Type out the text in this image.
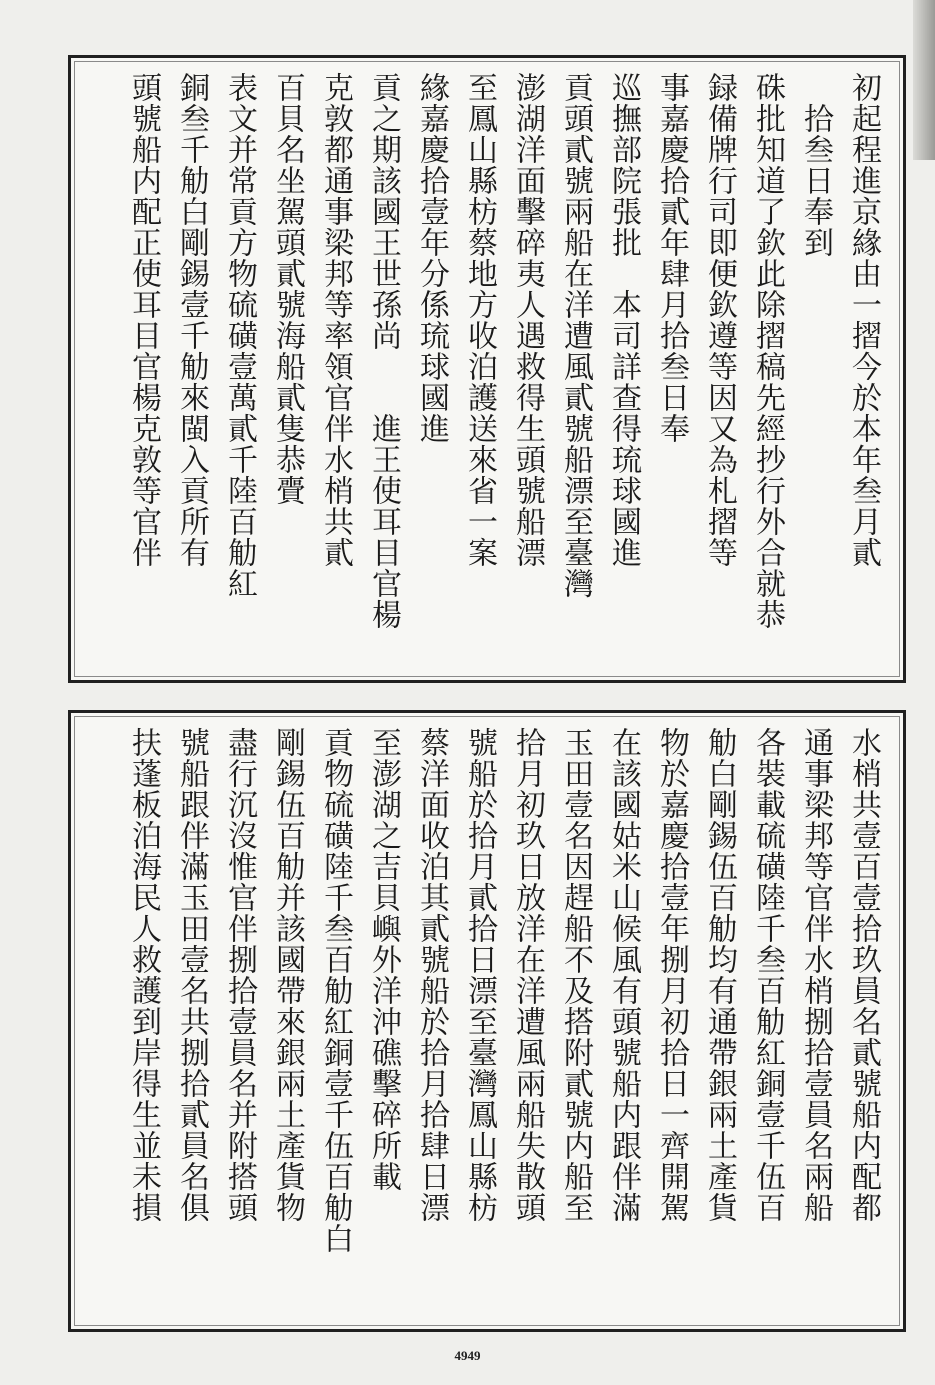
初起程進京緣由一摺今於本年叁月貳
　拾叁日奉到
硃批知道了欽此除摺稿先經抄行外合就恭
録備牌行司即便欽遵等因又為札摺等
事嘉慶拾貳年肆月拾叁日奉
巡撫部院張批　本司詳查得琉球國進
貢頭貳號兩船在洋遭風貳號船漂至臺灣
澎湖洋面擊碎夷人遇救得生頭號船漂
至鳳山縣枋蔡地方收泊護送來省一案
緣嘉慶拾壹年分係琉球國進
貢之期該國王世孫尚　　進王使耳目官楊
克敦都通事梁邦等率領官伴水梢共貳
百貝名坐駕頭貳號海船貳隻恭賷
表文并常貢方物硫磺壹萬貳千陸百觔紅
銅叁千觔白剛錫壹千觔來閩入貢所有
頭號船内配正使耳目官楊克敦等官伴
水梢共壹百壹拾玖員名貳號船内配都
通事梁邦等官伴水梢捌拾壹員名兩船
各裝載硫磺陸千叁百觔紅銅壹千伍百
觔白剛錫伍百觔均有通帶銀兩土產貨
物於嘉慶拾壹年捌月初拾日一齊開駕
在該國姑米山候風有頭號船内跟伴滿
玉田壹名因趕船不及搭附貳號内船至
拾月初玖日放洋在洋遭風兩船失散頭
號船於拾月貳拾日漂至臺灣鳳山縣枋
蔡洋面收泊其貳號船於拾月拾肆日漂
至澎湖之吉貝嶼外洋沖礁擊碎所載
貢物硫磺陸千叁百觔紅銅壹千伍百觔白
剛錫伍百觔并該國帶來銀兩土產貨物
盡行沉沒惟官伴捌拾壹員名并附搭頭
號船跟伴滿玉田壹名共捌拾貳員名俱
扶蓬板泊海民人救護到岸得生並未損
4949
